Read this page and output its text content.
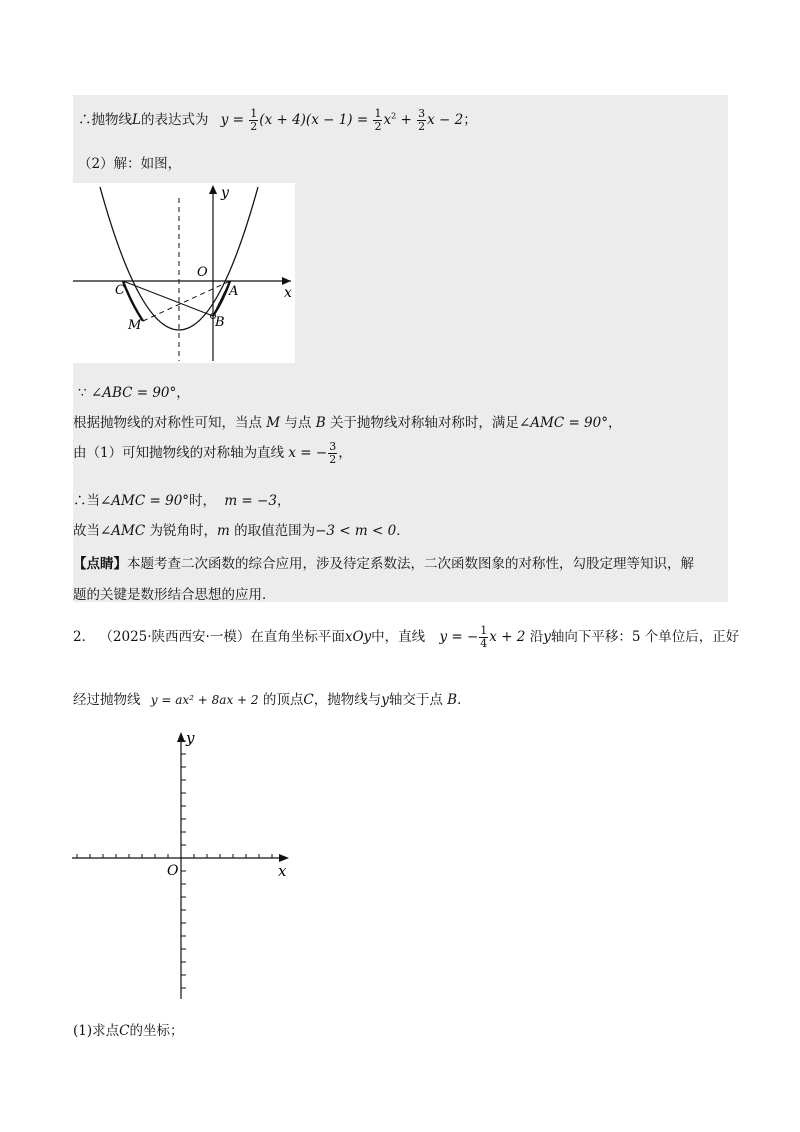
∴抛物线L的表达式为 $y = \frac{1}{2} (x + 4)(x - 1) = \frac{1}{2} x^2 + \frac{3}{2}$ x − 2；
（2）解：如图，
y
x
O
C	A
M	B
∵ ∠ABC = 90°，
根据抛物线的对称性可知，当点 M 与点 B 关于抛物线对称轴对称时，满足∠AMC = 90°，
由（1）可知抛物线的对称轴为直线 x = − $\frac{3}{2}$ ，
∴当∠AMC = 90°时， m = −3，
故当∠AMC 为锐角时，m 的取值范围为−3 < m < 0．
【点睛】本题考查二次函数的综合应用，涉及待定系数法，二次函数图象的对称性，勾股定理等知识，解
题的关键是数形结合思想的应用．
2． （2025·陕西西安·一模）在直角坐标平面xOy中，直线 y = − $\frac{1}{4}$ x + 2 沿y轴向下平移：5 个单位后，正好
经过抛物线 y = ax² + 8ax + 2 的顶点C，抛物线与y轴交于点 B．
y
x
O
(1)求点C的坐标；
